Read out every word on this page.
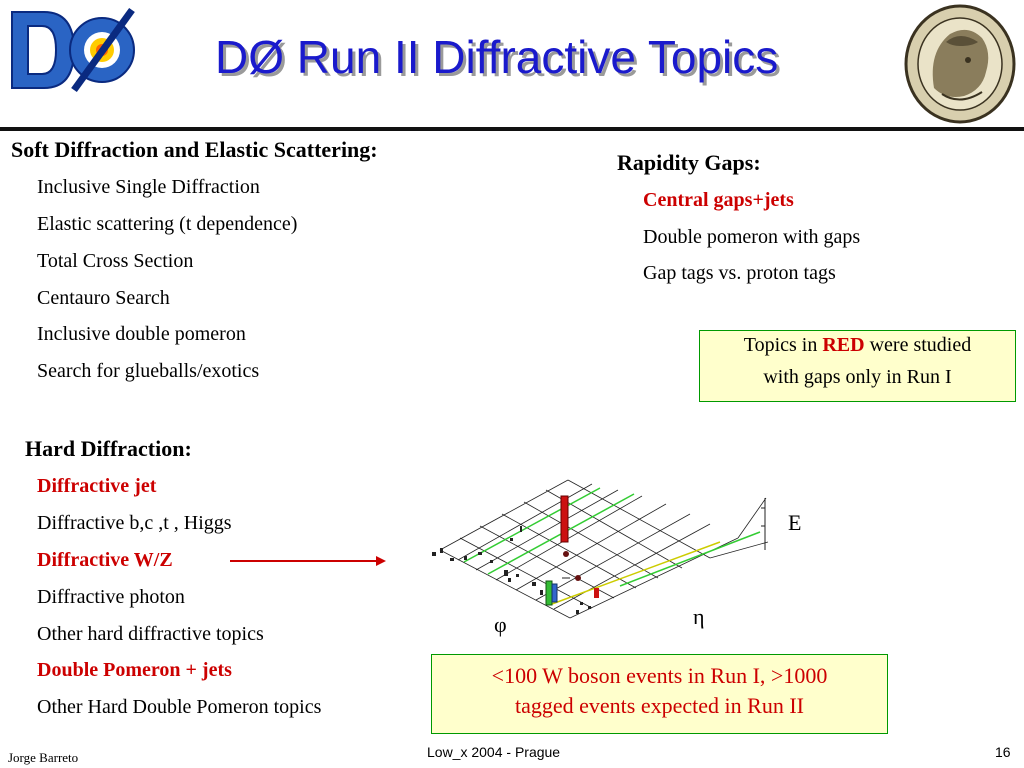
DØ Run II Diffractive Topics
Soft Diffraction and Elastic Scattering:
Inclusive Single Diffraction
Elastic scattering (t dependence)
Total Cross Section
Centauro Search
Inclusive double pomeron
Search for glueballs/exotics
Rapidity Gaps:
Central gaps+jets
Double pomeron with gaps
Gap tags vs. proton tags
Topics in RED were studied
with gaps only in Run I
Hard Diffraction:
Diffractive jet
Diffractive b,c ,t , Higgs
Diffractive W/Z
Diffractive photon
Other hard diffractive topics
Double Pomeron + jets
Other Hard Double Pomeron topics
E
η
φ
<100 W boson events in Run I, >1000
tagged events expected in Run II
Jorge Barreto	Low_x 2004 - Prague	16
